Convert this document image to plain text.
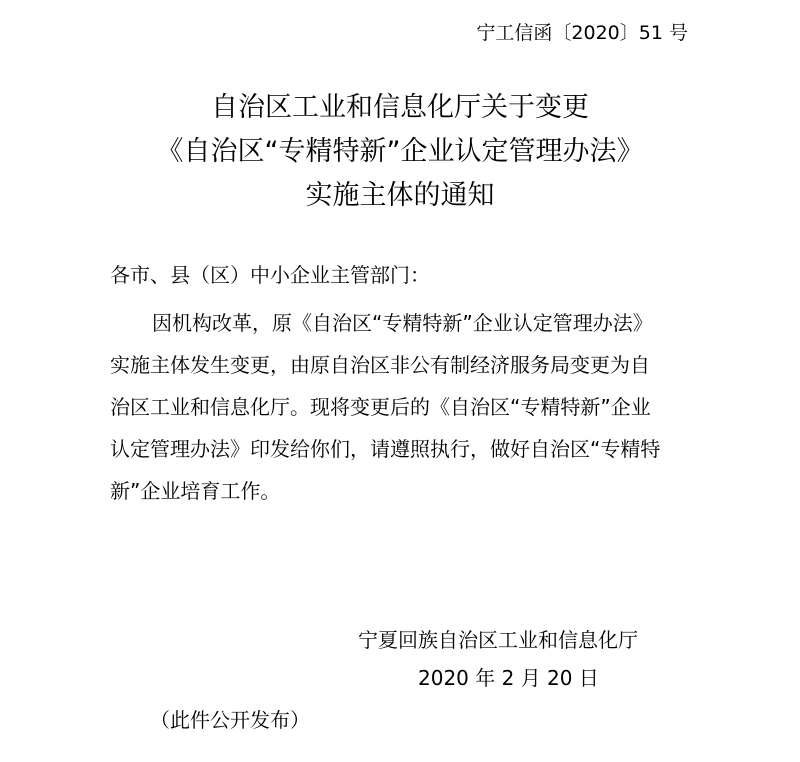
宁工信函〔2020〕51 号
自治区工业和信息化厅关于变更
《自治区“专精特新”企业认定管理办法》
实施主体的通知
各市、县（区）中小企业主管部门：
因机构改革，原《自治区“专精特新”企业认定管理办法》
实施主体发生变更，由原自治区非公有制经济服务局变更为自
治区工业和信息化厅。现将变更后的《自治区“专精特新”企业
认定管理办法》印发给你们，请遵照执行，做好自治区“专精特
新”企业培育工作。
宁夏回族自治区工业和信息化厅
2020 年 2 月 20 日
（此件公开发布）
